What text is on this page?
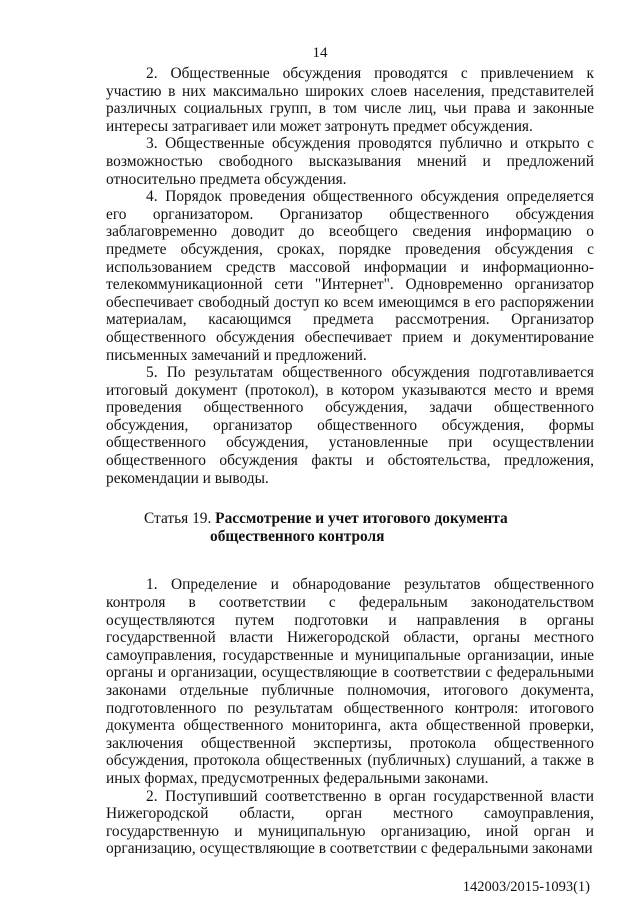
14

2. Общественные обсуждения проводятся с привлечением к участию в них максимально широких слоев населения, представителей различных социальных групп, в том числе лиц, чьи права и законные интересы затрагивает или может затронуть предмет обсуждения.

3. Общественные обсуждения проводятся публично и открыто с возможностью свободного высказывания мнений и предложений относительно предмета обсуждения.

4. Порядок проведения общественного обсуждения определяется его организатором. Организатор общественного обсуждения заблаговременно доводит до всеобщего сведения информацию о предмете обсуждения, сроках, порядке проведения обсуждения с использованием средств массовой информации и информационно-телекоммуникационной сети "Интернет". Одновременно организатор обеспечивает свободный доступ ко всем имеющимся в его распоряжении материалам, касающимся предмета рассмотрения. Организатор общественного обсуждения обеспечивает прием и документирование письменных замечаний и предложений.

5. По результатам общественного обсуждения подготавливается итоговый документ (протокол), в котором указываются место и время проведения общественного обсуждения, задачи общественного обсуждения, организатор общественного обсуждения, формы общественного обсуждения, установленные при осуществлении общественного обсуждения факты и обстоятельства, предложения, рекомендации и выводы.

Статья 19. Рассмотрение и учет итогового документа
общественного контроля

1. Определение и обнародование результатов общественного контроля в соответствии с федеральным законодательством осуществляются путем подготовки и направления в органы государственной власти Нижегородской области, органы местного самоуправления, государственные и муниципальные организации, иные органы и организации, осуществляющие в соответствии с федеральными законами отдельные публичные полномочия, итогового документа, подготовленного по результатам общественного контроля: итогового документа общественного мониторинга, акта общественной проверки, заключения общественной экспертизы, протокола общественного обсуждения, протокола общественных (публичных) слушаний, а также в иных формах, предусмотренных федеральными законами.

2. Поступивший соответственно в орган государственной власти Нижегородской области, орган местного самоуправления, государственную и муниципальную организацию, иной орган и организацию, осуществляющие в соответствии с федеральными законами

142003/2015-1093(1)
